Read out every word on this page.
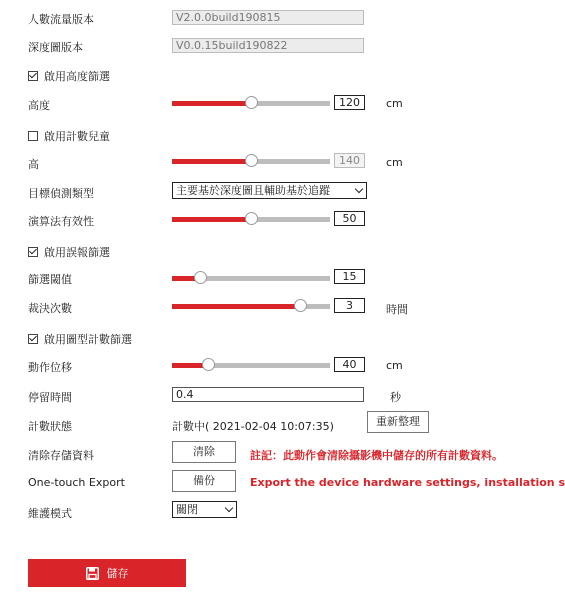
人數流量版本	V2.0.0build190815
深度圖版本	V0.0.15build190822
啟用高度篩選
高度	120	cm
啟用計數兒童
高	140	cm
目標偵測類型	主要基於深度圖且輔助基於追蹤
演算法有效性	50
啟用誤報篩選
篩選閾值	15
裁決次數	3	時間
啟用圖型計數篩選
動作位移	40	cm
停留時間	0.4	秒
計數狀態	計數中( 2021-02-04 10:07:35)	重新整理
清除存儲資料	清除	註記：此動作會清除攝影機中儲存的所有計數資料。
One-touch Export	備份	Export the device hardware settings, installation s
維護模式	關閉
儲存
